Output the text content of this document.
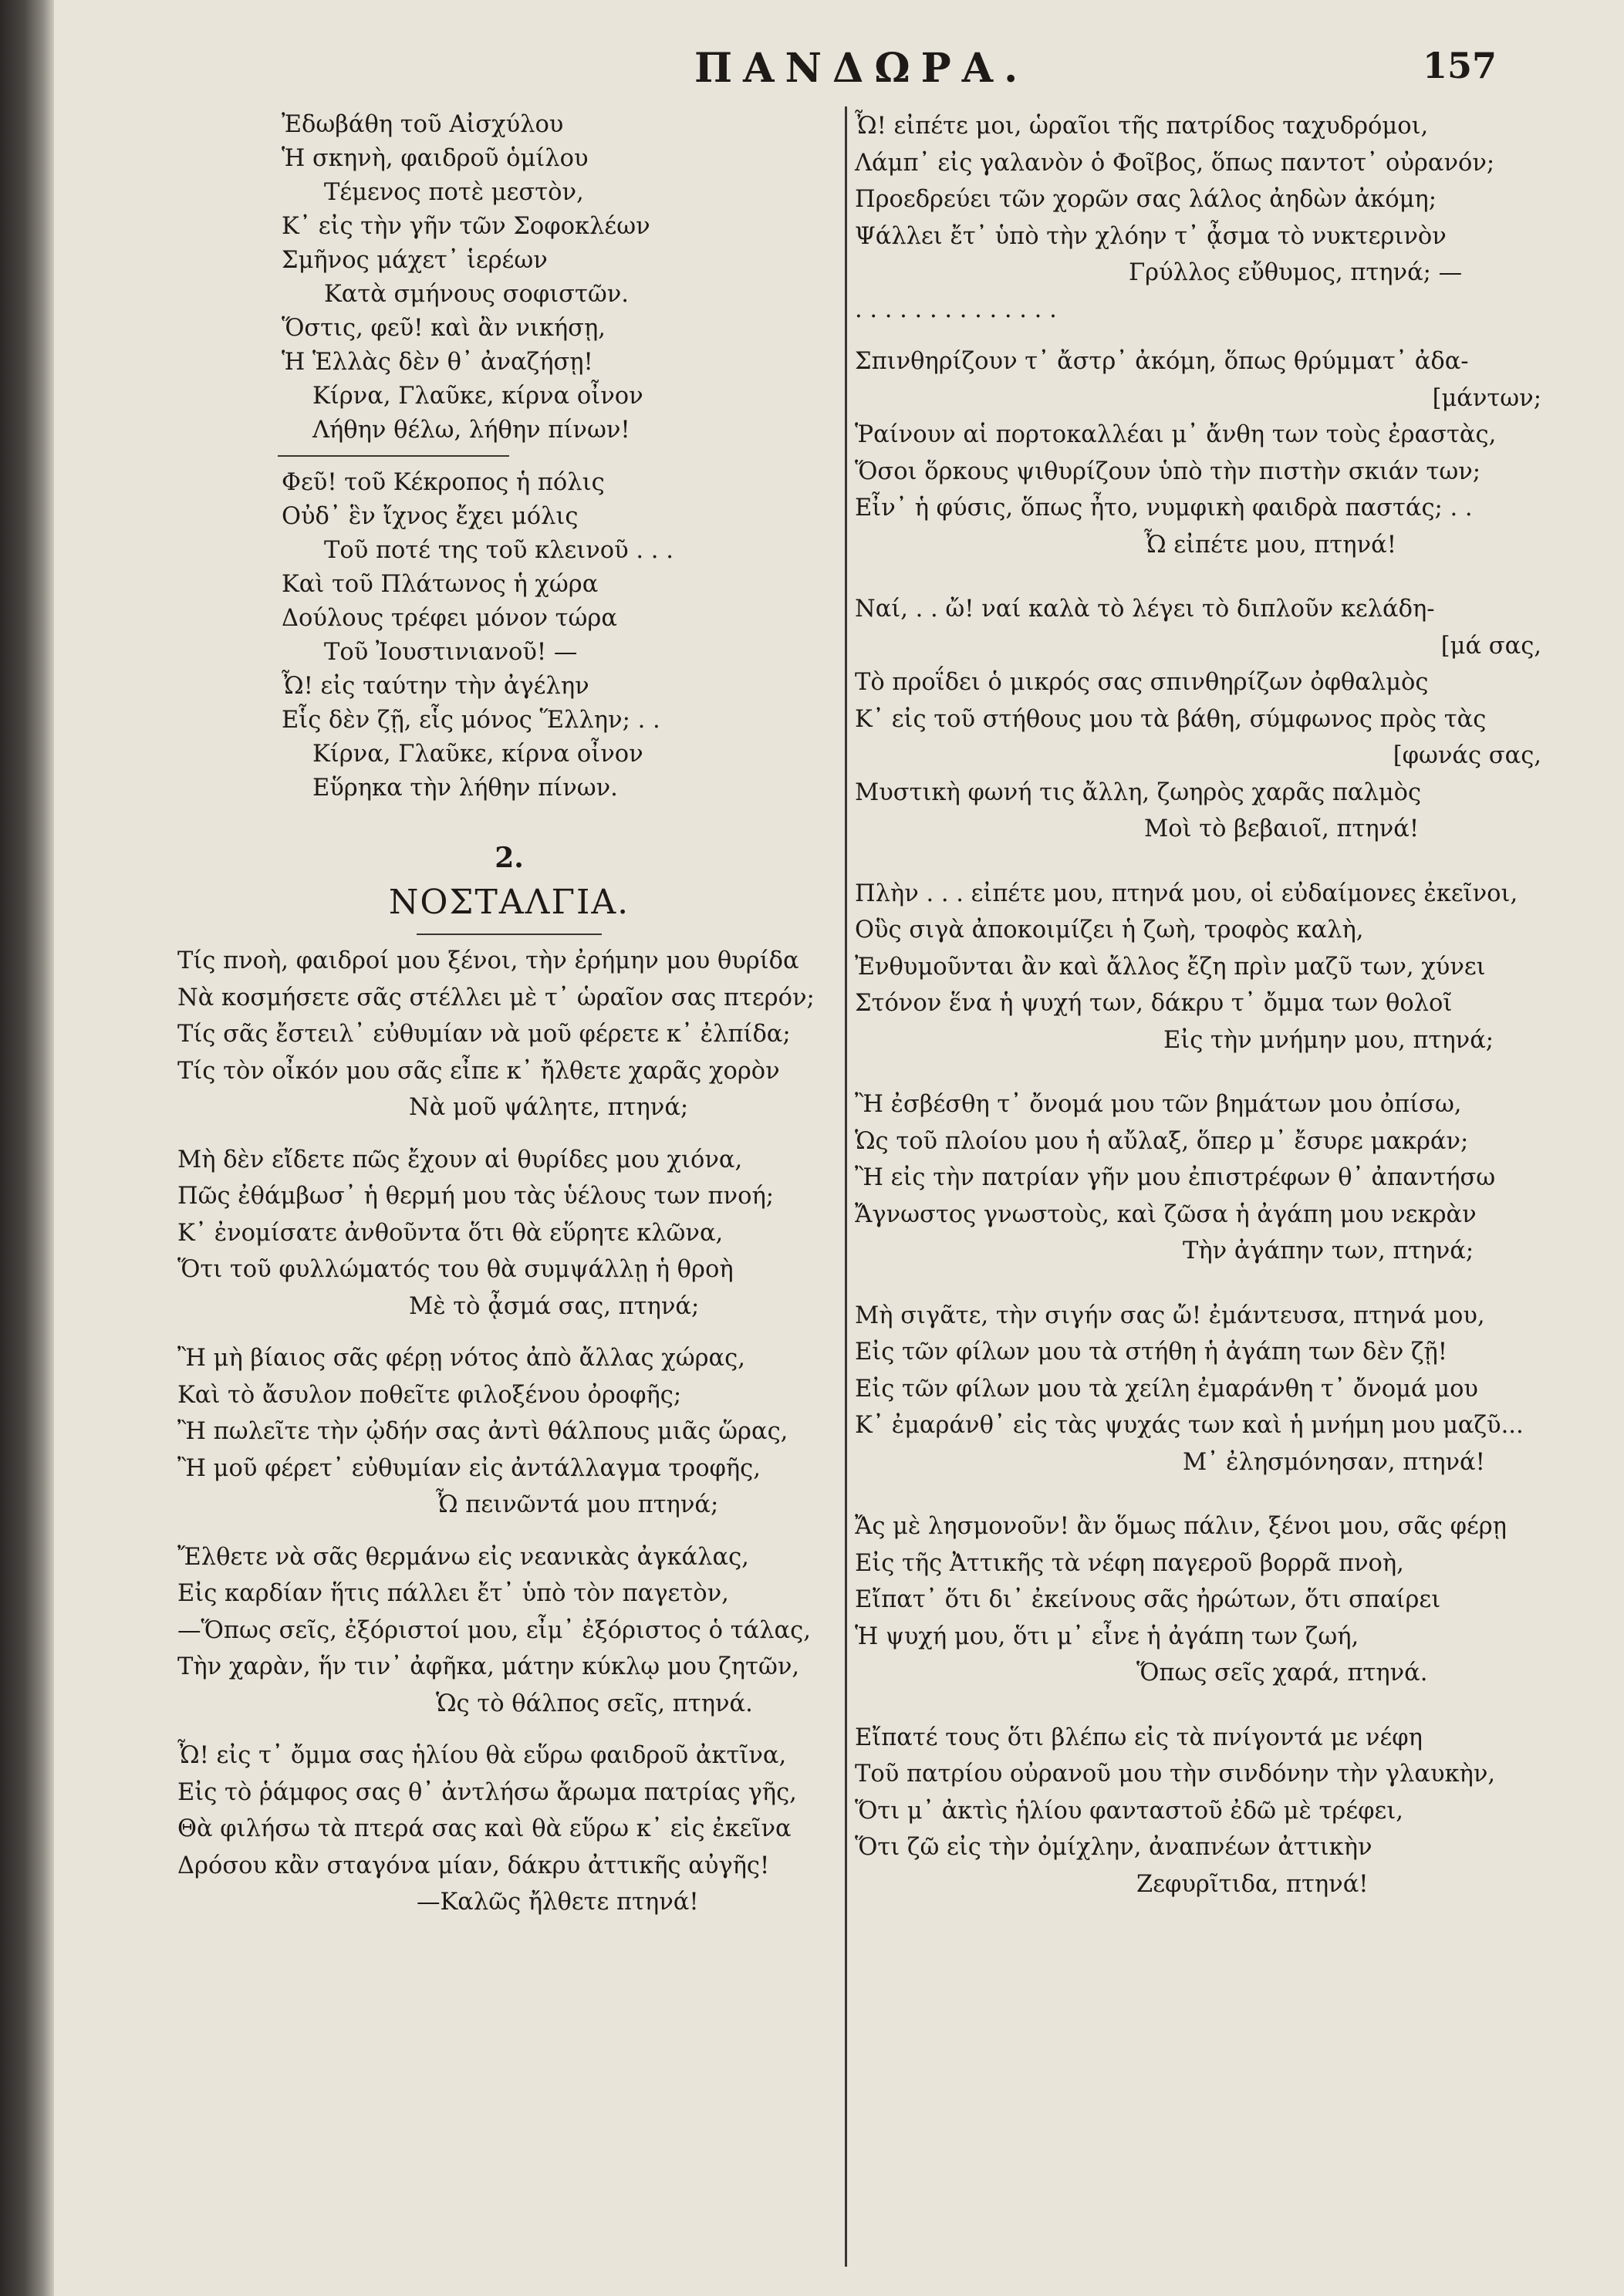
ΠΑΝΔΩΡΑ.	157
Ἐδωβάθη τοῦ Αἰσχύλου
Ἡ σκηνὴ, φαιδροῦ ὁμίλου
Τέμενος ποτὲ μεστὸν,
Κ᾿ εἰς τὴν γῆν τῶν Σοφοκλέων
Σμῆνος μάχετ᾿ ἱερέων
Κατὰ σμήνους σοφιστῶν.
Ὅστις, φεῦ! καὶ ἂν νικήσῃ,
Ἡ Ἑλλὰς δὲν θ᾿ ἀναζήσῃ!
Κίρνα, Γλαῦκε, κίρνα οἶνον
Λήθην θέλω, λήθην πίνων!
Φεῦ! τοῦ Κέκροπος ἡ πόλις
Οὐδ᾿ ἓν ἴχνος ἔχει μόλις
Τοῦ ποτέ της τοῦ κλεινοῦ . . .
Καὶ τοῦ Πλάτωνος ἡ χώρα
Δούλους τρέφει μόνον τώρα
Τοῦ Ἰουστινιανοῦ! —
Ὦ! εἰς ταύτην τὴν ἀγέλην
Εἷς δὲν ζῇ, εἷς μόνος Ἕλλην; . .
Κίρνα, Γλαῦκε, κίρνα οἶνον
Εὕρηκα τὴν λήθην πίνων.
2.
ΝΟΣΤΑΛΓΙΑ.
Τίς πνοὴ, φαιδροί μου ξένοι, τὴν ἐρήμην μου θυρίδα
Νὰ κοσμήσετε σᾶς στέλλει μὲ τ᾿ ὡραῖον σας πτερόν;
Τίς σᾶς ἔστειλ᾿ εὐθυμίαν νὰ μοῦ φέρετε κ᾿ ἐλπίδα;
Τίς τὸν οἶκόν μου σᾶς εἶπε κ᾿ ἤλθετε χαρᾶς χορὸν
Νὰ μοῦ ψάλητε, πτηνά;
Μὴ δὲν εἴδετε πῶς ἔχουν αἱ θυρίδες μου χιόνα,
Πῶς ἐθάμβωσ᾿ ἡ θερμή μου τὰς ὑέλους των πνοή;
Κ᾿ ἐνομίσατε ἀνθοῦντα ὅτι θὰ εὕρητε κλῶνα,
Ὅτι τοῦ φυλλώματός του θὰ συμψάλλῃ ἡ θροὴ
Μὲ τὸ ᾆσμά σας, πτηνά;
Ἢ μὴ βίαιος σᾶς φέρῃ νότος ἀπὸ ἄλλας χώρας,
Καὶ τὸ ἄσυλον ποθεῖτε φιλοξένου ὀροφῆς;
Ἢ πωλεῖτε τὴν ᾠδήν σας ἀντὶ θάλπους μιᾶς ὥρας,
Ἢ μοῦ φέρετ᾿ εὐθυμίαν εἰς ἀντάλλαγμα τροφῆς,
Ὦ πεινῶντά μου πτηνά;
Ἔλθετε νὰ σᾶς θερμάνω εἰς νεανικὰς ἀγκάλας,
Εἰς καρδίαν ἥτις πάλλει ἔτ᾿ ὑπὸ τὸν παγετὸν,
—Ὅπως σεῖς, ἐξόριστοί μου, εἶμ᾿ ἐξόριστος ὁ τάλας,
Τὴν χαρὰν, ἥν τιν᾿ ἀφῆκα, μάτην κύκλῳ μου ζητῶν,
Ὡς τὸ θάλπος σεῖς, πτηνά.
Ὦ! εἰς τ᾿ ὄμμα σας ἡλίου θὰ εὕρω φαιδροῦ ἀκτῖνα,
Εἰς τὸ ῥάμφος σας θ᾿ ἀντλήσω ἄρωμα πατρίας γῆς,
Θὰ φιλήσω τὰ πτερά σας καὶ θὰ εὕρω κ᾿ εἰς ἐκεῖνα
Δρόσου κἂν σταγόνα μίαν, δάκρυ ἀττικῆς αὐγῆς!
—Καλῶς ἤλθετε πτηνά!
Ὦ! εἰπέτε μοι, ὡραῖοι τῆς πατρίδος ταχυδρόμοι,
Λάμπ᾿ εἰς γαλανὸν ὁ Φοῖβος, ὅπως παντοτ᾿ οὐρανόν;
Προεδρεύει τῶν χορῶν σας λάλος ἀηδὼν ἀκόμη;
Ψάλλει ἔτ᾿ ὑπὸ τὴν χλόην τ᾿ ᾆσμα τὸ νυκτερινὸν
Γρύλλος εὔθυμος, πτηνά; —
. . . . . . . . . . . . . .
Σπινθηρίζουν τ᾿ ἄστρ᾿ ἀκόμη, ὅπως θρύμματ᾿ ἀδα-
[μάντων;
Ῥαίνουν αἱ πορτοκαλλέαι μ᾿ ἄνθη των τοὺς ἐραστὰς,
Ὅσοι ὅρκους ψιθυρίζουν ὑπὸ τὴν πιστὴν σκιάν των;
Εἶν᾿ ἡ φύσις, ὅπως ἦτο, νυμφικὴ φαιδρὰ παστάς; . .
Ὦ εἰπέτε μου, πτηνά!
Ναί, . . ὤ! ναί καλὰ τὸ λέγει τὸ διπλοῦν κελάδη-
[μά σας,
Τὸ προΐδει ὁ μικρός σας σπινθηρίζων ὀφθαλμὸς
Κ᾿ εἰς τοῦ στήθους μου τὰ βάθη, σύμφωνος πρὸς τὰς
[φωνάς σας,
Μυστικὴ φωνή τις ἄλλη, ζωηρὸς χαρᾶς παλμὸς
Μοὶ τὸ βεβαιοῖ, πτηνά!
Πλὴν . . . εἰπέτε μου, πτηνά μου, οἱ εὐδαίμονες ἐκεῖνοι,
Οὓς σιγὰ ἀποκοιμίζει ἡ ζωὴ, τροφὸς καλὴ,
Ἐνθυμοῦνται ἂν καὶ ἄλλος ἔζη πρὶν μαζῦ των, χύνει
Στόνον ἕνα ἡ ψυχή των, δάκρυ τ᾿ ὄμμα των θολοῖ
Εἰς τὴν μνήμην μου, πτηνά;
Ἢ ἐσβέσθη τ᾿ ὄνομά μου τῶν βημάτων μου ὀπίσω,
Ὡς τοῦ πλοίου μου ἡ αὔλαξ, ὅπερ μ᾿ ἔσυρε μακράν;
Ἢ εἰς τὴν πατρίαν γῆν μου ἐπιστρέφων θ᾿ ἀπαντήσω
Ἄγνωστος γνωστοὺς, καὶ ζῶσα ἡ ἀγάπη μου νεκρὰν
Τὴν ἀγάπην των, πτηνά;
Μὴ σιγᾶτε, τὴν σιγήν σας ὤ! ἐμάντευσα, πτηνά μου,
Εἰς τῶν φίλων μου τὰ στήθη ἡ ἀγάπη των δὲν ζῇ!
Εἰς τῶν φίλων μου τὰ χείλη ἐμαράνθη τ᾿ ὄνομά μου
Κ᾿ ἐμαράνθ᾿ εἰς τὰς ψυχάς των καὶ ἡ μνήμη μου μαζῦ...
Μ᾿ ἐλησμόνησαν, πτηνά!
Ἄς μὲ λησμονοῦν! ἂν ὅμως πάλιν, ξένοι μου, σᾶς φέρῃ
Εἰς τῆς Ἀττικῆς τὰ νέφη παγεροῦ βορρᾶ πνοὴ,
Εἴπατ᾿ ὅτι δι᾿ ἐκείνους σᾶς ἠρώτων, ὅτι σπαίρει
Ἡ ψυχή μου, ὅτι μ᾿ εἶνε ἡ ἀγάπη των ζωή,
Ὅπως σεῖς χαρά, πτηνά.
Εἴπατέ τους ὅτι βλέπω εἰς τὰ πνίγοντά με νέφη
Τοῦ πατρίου οὐρανοῦ μου τὴν σινδόνην τὴν γλαυκὴν,
Ὅτι μ᾿ ἀκτὶς ἡλίου φανταστοῦ ἐδῶ μὲ τρέφει,
Ὅτι ζῶ εἰς τὴν ὀμίχλην, ἀναπνέων ἀττικὴν
Ζεφυρῖτιδα, πτηνά!
